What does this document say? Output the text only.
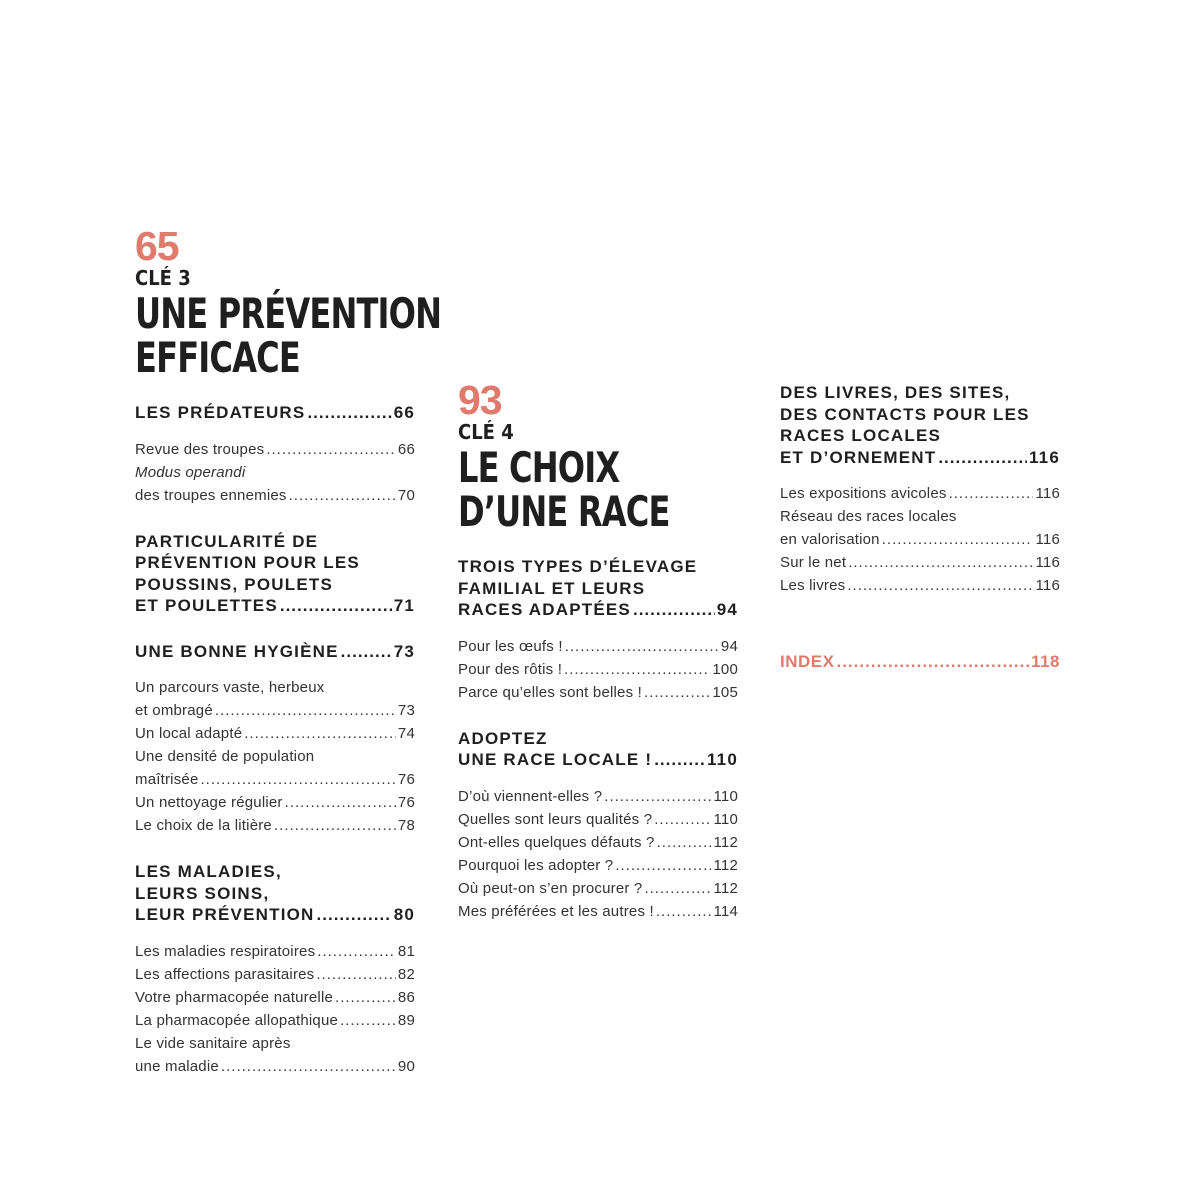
65
CLÉ 3
UNE PRÉVENTION
EFFICACE
LES PRÉDATEURS .....	66
Revue des troupes .....	66
Modus operandi
des troupes ennemies .....	70
PARTICULARITÉ DE
PRÉVENTION POUR LES
POUSSINS, POULETS
ET POULETTES .....	71
UNE BONNE HYGIÈNE .....	73
Un parcours vaste, herbeux
et ombragé .....	73
Un local adapté .....	74
Une densité de population
maîtrisée .....	76
Un nettoyage régulier .....	76
Le choix de la litière .....	78
LES MALADIES,
LEURS SOINS,
LEUR PRÉVENTION .....	80
Les maladies respiratoires .....	81
Les affections parasitaires .....	82
Votre pharmacopée naturelle .....	86
La pharmacopée allopathique .....	89
Le vide sanitaire après
une maladie .....	90
93
CLÉ 4
LE CHOIX
D’UNE RACE
TROIS TYPES D’ÉLEVAGE
FAMILIAL ET LEURS
RACES ADAPTÉES .....	94
Pour les œufs ! .....	94
Pour des rôtis ! .....	100
Parce qu’elles sont belles ! .....	105
ADOPTEZ
UNE RACE LOCALE ! .....	110
D’où viennent-elles ? .....	110
Quelles sont leurs qualités ? .....	110
Ont-elles quelques défauts ? .....	112
Pourquoi les adopter ? .....	112
Où peut-on s’en procurer ? .....	112
Mes préférées et les autres ! .....	114
DES LIVRES, DES SITES,
DES CONTACTS POUR LES
RACES LOCALES
ET D’ORNEMENT .....	116
Les expositions avicoles .....	116
Réseau des races locales
en valorisation .....	116
Sur le net .....	116
Les livres .....	116
INDEX .....	118
